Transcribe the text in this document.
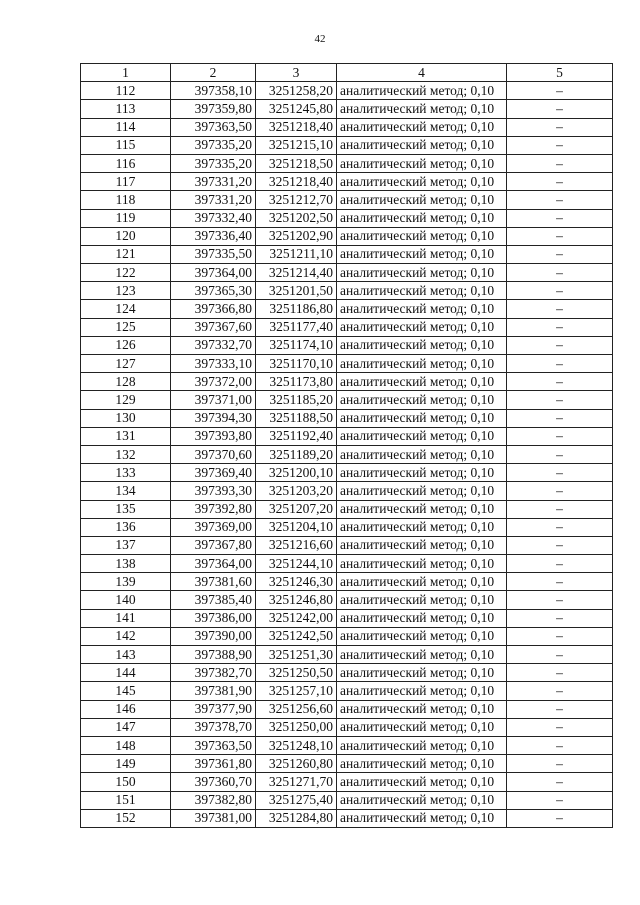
42
1	2	3	4	5
112	397358,10	3251258,20	аналитический метод; 0,10	–
113	397359,80	3251245,80	аналитический метод; 0,10	–
114	397363,50	3251218,40	аналитический метод; 0,10	–
115	397335,20	3251215,10	аналитический метод; 0,10	–
116	397335,20	3251218,50	аналитический метод; 0,10	–
117	397331,20	3251218,40	аналитический метод; 0,10	–
118	397331,20	3251212,70	аналитический метод; 0,10	–
119	397332,40	3251202,50	аналитический метод; 0,10	–
120	397336,40	3251202,90	аналитический метод; 0,10	–
121	397335,50	3251211,10	аналитический метод; 0,10	–
122	397364,00	3251214,40	аналитический метод; 0,10	–
123	397365,30	3251201,50	аналитический метод; 0,10	–
124	397366,80	3251186,80	аналитический метод; 0,10	–
125	397367,60	3251177,40	аналитический метод; 0,10	–
126	397332,70	3251174,10	аналитический метод; 0,10	–
127	397333,10	3251170,10	аналитический метод; 0,10	–
128	397372,00	3251173,80	аналитический метод; 0,10	–
129	397371,00	3251185,20	аналитический метод; 0,10	–
130	397394,30	3251188,50	аналитический метод; 0,10	–
131	397393,80	3251192,40	аналитический метод; 0,10	–
132	397370,60	3251189,20	аналитический метод; 0,10	–
133	397369,40	3251200,10	аналитический метод; 0,10	–
134	397393,30	3251203,20	аналитический метод; 0,10	–
135	397392,80	3251207,20	аналитический метод; 0,10	–
136	397369,00	3251204,10	аналитический метод; 0,10	–
137	397367,80	3251216,60	аналитический метод; 0,10	–
138	397364,00	3251244,10	аналитический метод; 0,10	–
139	397381,60	3251246,30	аналитический метод; 0,10	–
140	397385,40	3251246,80	аналитический метод; 0,10	–
141	397386,00	3251242,00	аналитический метод; 0,10	–
142	397390,00	3251242,50	аналитический метод; 0,10	–
143	397388,90	3251251,30	аналитический метод; 0,10	–
144	397382,70	3251250,50	аналитический метод; 0,10	–
145	397381,90	3251257,10	аналитический метод; 0,10	–
146	397377,90	3251256,60	аналитический метод; 0,10	–
147	397378,70	3251250,00	аналитический метод; 0,10	–
148	397363,50	3251248,10	аналитический метод; 0,10	–
149	397361,80	3251260,80	аналитический метод; 0,10	–
150	397360,70	3251271,70	аналитический метод; 0,10	–
151	397382,80	3251275,40	аналитический метод; 0,10	–
152	397381,00	3251284,80	аналитический метод; 0,10	–
